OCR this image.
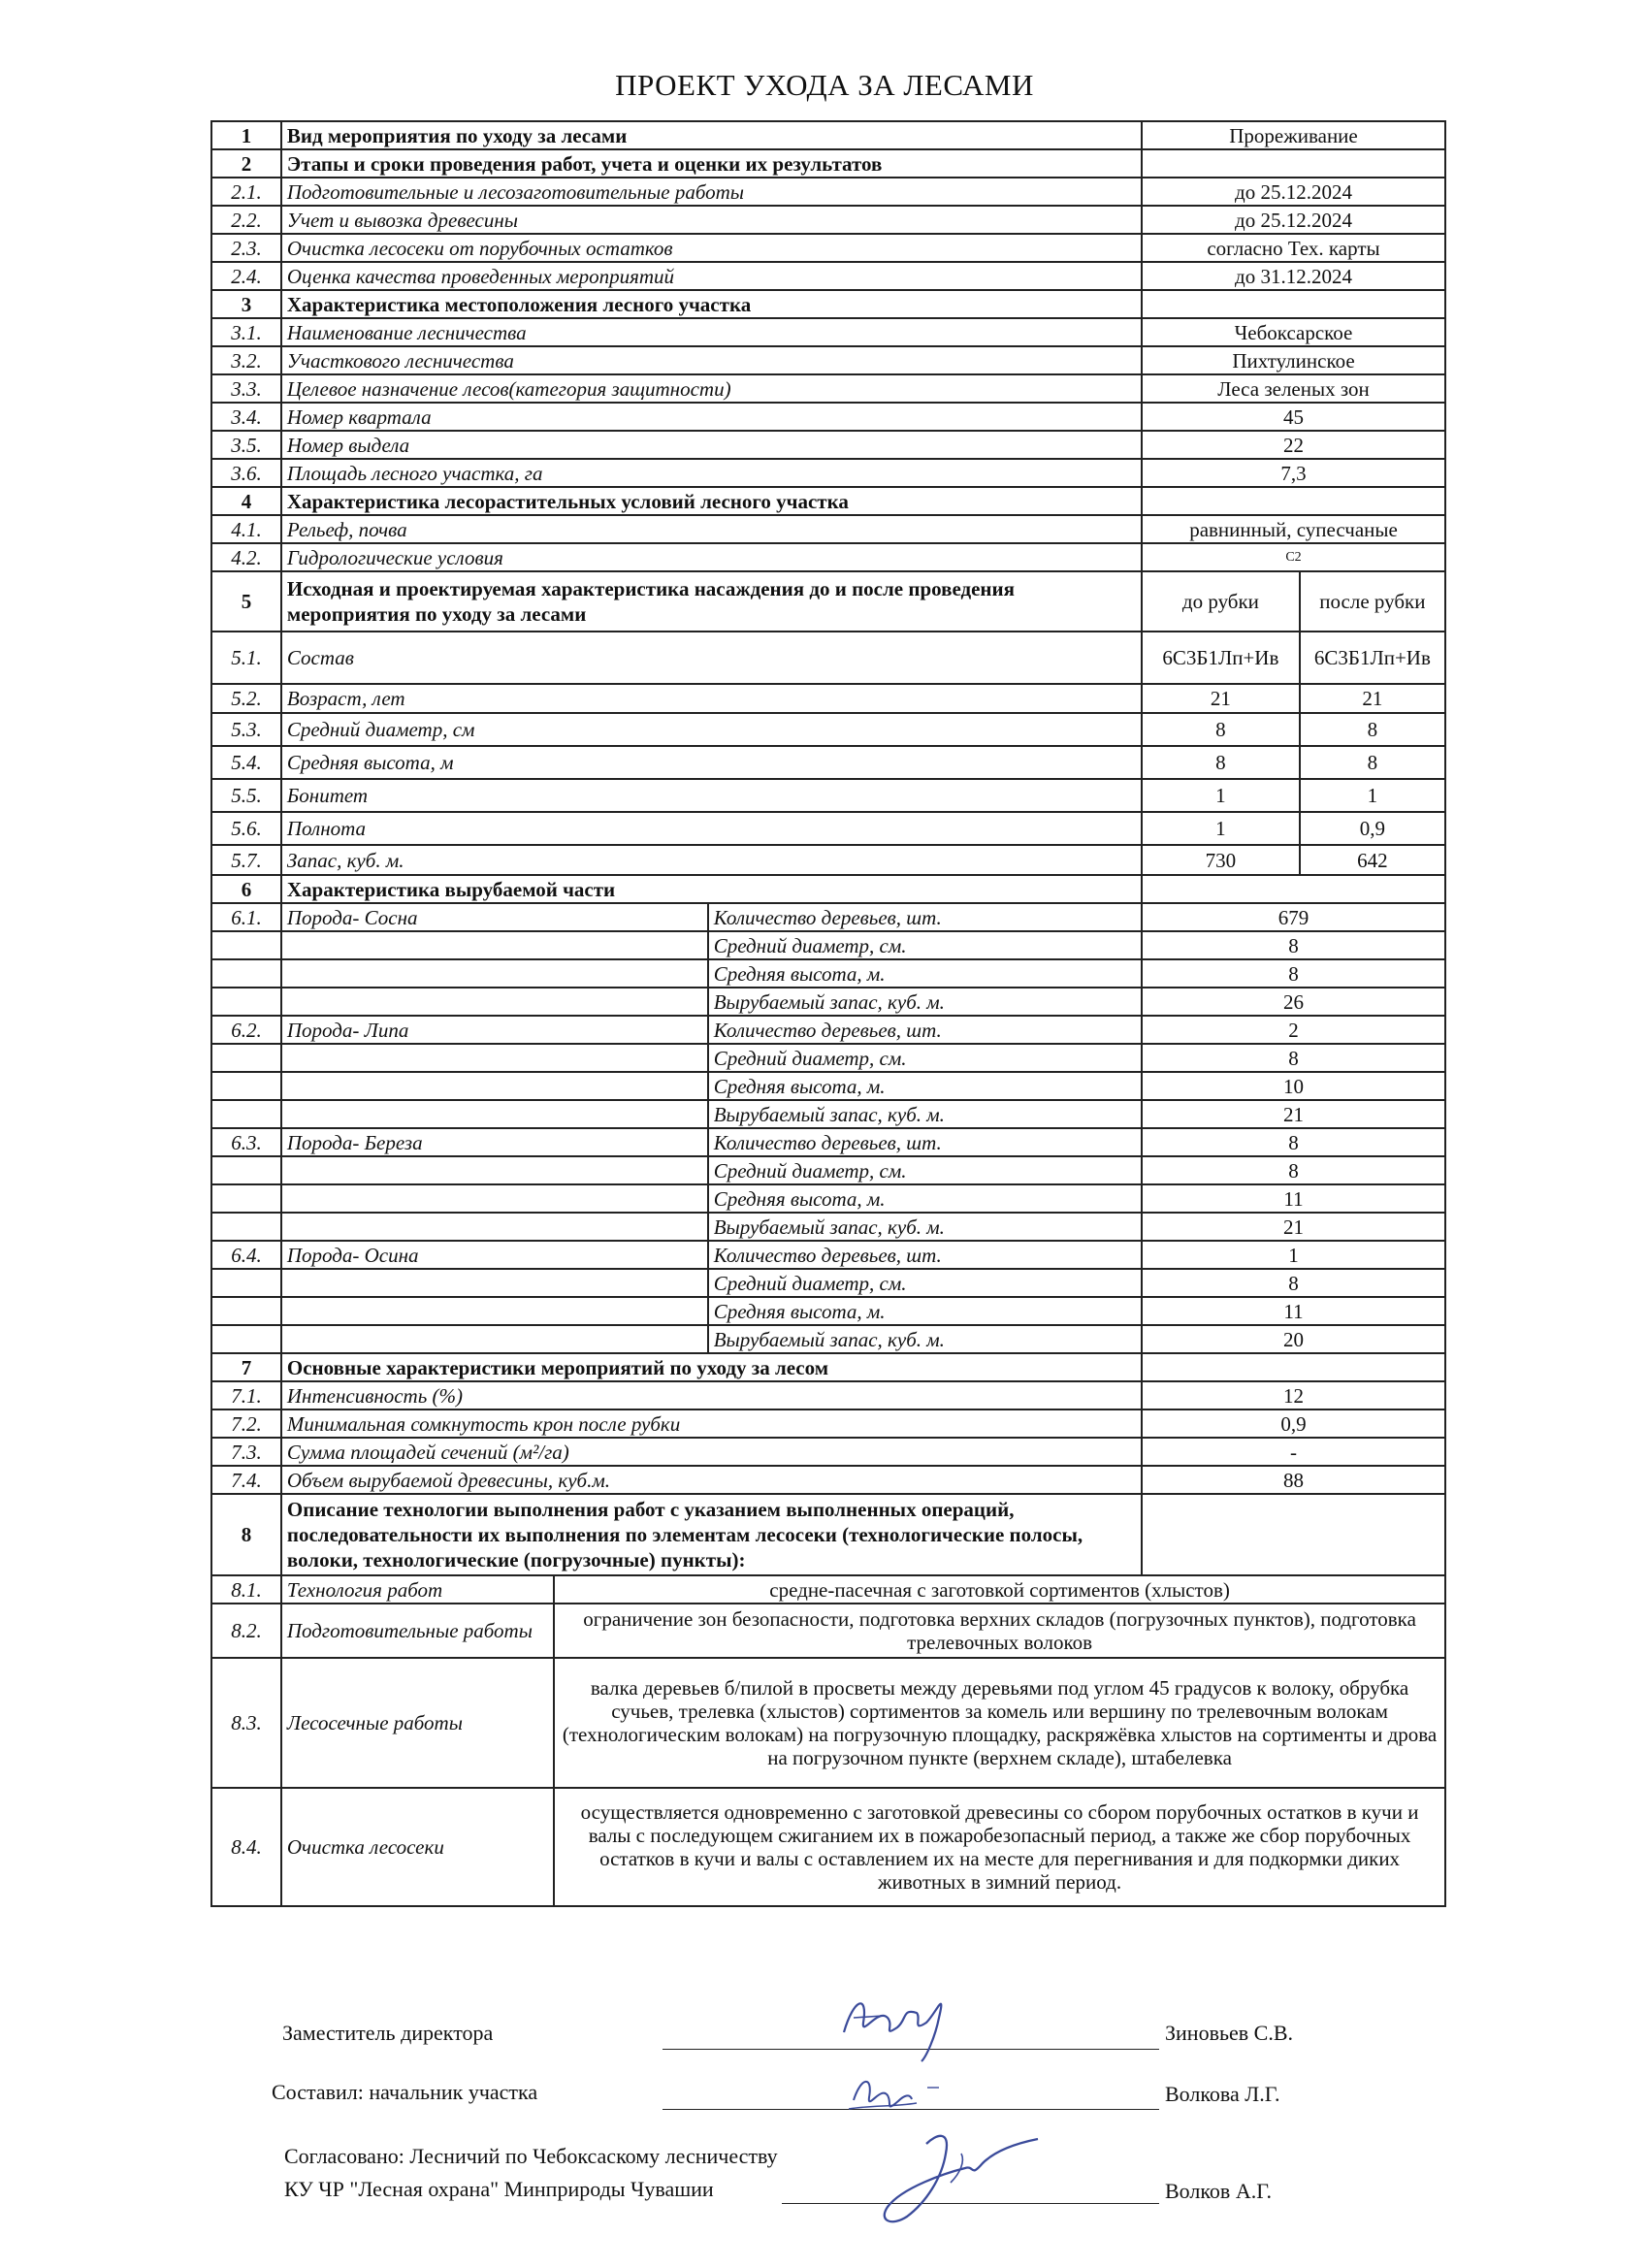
ПРОЕКТ УХОДА ЗА ЛЕСАМИ
1	Вид мероприятия по уходу за лесами			Прореживание	
2	Этапы и сроки проведения работ, учета и оценки их результатов				
2.1.	Подготовительные и лесозаготовительные работы			до 25.12.2024	
2.2.	Учет и вывозка древесины			до 25.12.2024	
2.3.	Очистка лесосеки от порубочных остатков			согласно Тех. карты	
2.4.	Оценка качества проведенных мероприятий			до 31.12.2024	
3	Характеристика местоположения лесного участка				
3.1.	Наименование лесничества			Чебоксарское	
3.2.	Участкового лесничества			Пихтулинское	
3.3.	Целевое назначение лесов(категория защитности)			Леса зеленых зон	
3.4.	Номер квартала			45	
3.5.	Номер выдела			22	
3.6.	Площадь лесного участка, га			7,3	
4	Характеристика лесорастительных условий лесного участка				
4.1.	Рельеф, почва			равнинный, супесчаные	
4.2.	Гидрологические условия			С2	
5	Исходная и проектируемая характеристика насаждения до и после проведения мероприятия по уходу за лесами			до рубки	после рубки
5.1.	Состав			6С3Б1Лп+Ив	6С3Б1Лп+Ив
5.2.	Возраст, лет			21	21
5.3.	Средний диаметр, см			8	8
5.4.	Средняя высота, м			8	8
5.5.	Бонитет			1	1
5.6.	Полнота			1	0,9
5.7.	Запас, куб. м.			730	642
6	Характеристика вырубаемой части				
6.1.	Порода- Сосна		Количество деревьев, шт.	679	
			Средний диаметр, см.	8	
			Средняя высота, м.	8	
			Вырубаемый запас, куб. м.	26	
6.2.	Порода- Липа		Количество деревьев, шт.	2	
			Средний диаметр, см.	8	
			Средняя высота, м.	10	
			Вырубаемый запас, куб. м.	21	
6.3.	Порода- Береза		Количество деревьев, шт.	8	
			Средний диаметр, см.	8	
			Средняя высота, м.	11	
			Вырубаемый запас, куб. м.	21	
6.4.	Порода- Осина		Количество деревьев, шт.	1	
			Средний диаметр, см.	8	
			Средняя высота, м.	11	
			Вырубаемый запас, куб. м.	20	
7	Основные характеристики мероприятий по уходу за лесом				
7.1.	Интенсивность (%)			12	
7.2.	Минимальная сомкнутость крон после рубки			0,9	
7.3.	Сумма площадей сечений (м²/га)			-	
7.4.	Объем вырубаемой древесины, куб.м.			88	
8	Описание технологии выполнения работ с указанием выполненных операций, последовательности их выполнения по элементам лесосеки (технологические полосы, волоки, технологические (погрузочные) пункты):				
8.1.	Технология работ	средне-пасечная с заготовкой сортиментов (хлыстов)			
8.2.	Подготовительные работы	ограничение зон безопасности, подготовка верхних складов (погрузочных пунктов), подготовка трелевочных волоков			
8.3.	Лесосечные работы	валка деревьев б/пилой в просветы между деревьями под углом 45 градусов к волоку, обрубка сучьев, трелевка (хлыстов) сортиментов за комель или вершину по трелевочным волокам (технологическим волокам) на погрузочную площадку, раскряжёвка хлыстов на сортименты и дрова на погрузочном пункте (верхнем складе), штабелевка			
8.4.	Очистка лесосеки	осуществляется одновременно с заготовкой древесины со сбором порубочных остатков в кучи и валы с последующем сжиганием их в пожаробезопасный период, а также же сбор порубочных остатков в кучи и валы с оставлением их на месте для перегнивания и для подкормки диких животных в зимний период.			
Заместитель директора	Зиновьев С.В.
Составил: начальник участка	Волкова Л.Г.
Согласовано: Лесничий по Чебоксаскому лесничеству
КУ ЧР "Лесная охрана" Минприроды Чувашии	Волков А.Г.
